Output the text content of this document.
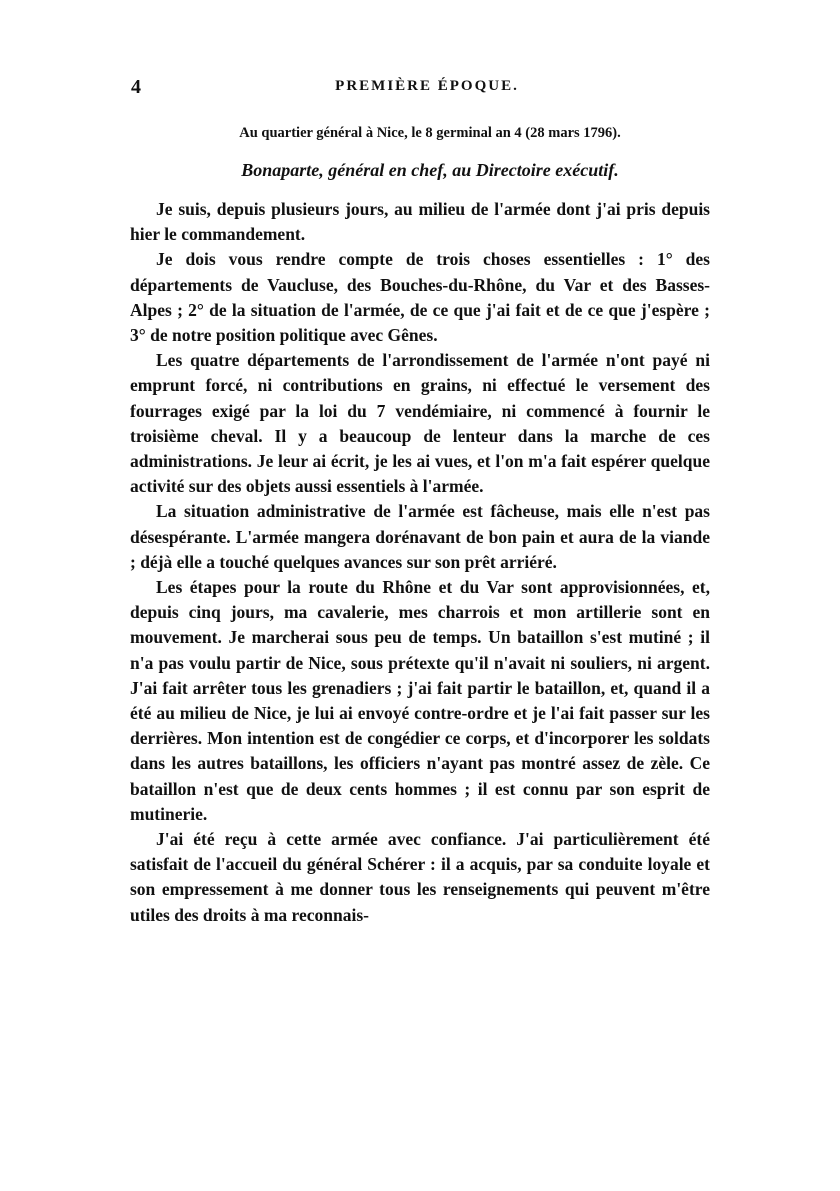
4	PREMIÈRE ÉPOQUE.
Au quartier général à Nice, le 8 germinal an 4 (28 mars 1796).
Bonaparte, général en chef, au Directoire exécutif.

Je suis, depuis plusieurs jours, au milieu de l'armée dont j'ai pris depuis hier le commandement.

Je dois vous rendre compte de trois choses essentielles : 1° des départements de Vaucluse, des Bouches-du-Rhône, du Var et des Basses-Alpes ; 2° de la situation de l'armée, de ce que j'ai fait et de ce que j'espère ; 3° de notre position politique avec Gênes.

Les quatre départements de l'arrondissement de l'armée n'ont payé ni emprunt forcé, ni contributions en grains, ni effectué le versement des fourrages exigé par la loi du 7 vendémiaire, ni commencé à fournir le troisième cheval. Il y a beaucoup de lenteur dans la marche de ces administrations. Je leur ai écrit, je les ai vues, et l'on m'a fait espérer quelque activité sur des objets aussi essentiels à l'armée.

La situation administrative de l'armée est fâcheuse, mais elle n'est pas désespérante. L'armée mangera dorénavant de bon pain et aura de la viande ; déjà elle a touché quelques avances sur son prêt arriéré.

Les étapes pour la route du Rhône et du Var sont approvisionnées, et, depuis cinq jours, ma cavalerie, mes charrois et mon artillerie sont en mouvement. Je marcherai sous peu de temps. Un bataillon s'est mutiné ; il n'a pas voulu partir de Nice, sous prétexte qu'il n'avait ni souliers, ni argent. J'ai fait arrêter tous les grenadiers ; j'ai fait partir le bataillon, et, quand il a été au milieu de Nice, je lui ai envoyé contre-ordre et je l'ai fait passer sur les derrières. Mon intention est de congédier ce corps, et d'incorporer les soldats dans les autres bataillons, les officiers n'ayant pas montré assez de zèle. Ce bataillon n'est que de deux cents hommes ; il est connu par son esprit de mutinerie.

J'ai été reçu à cette armée avec confiance. J'ai particulièrement été satisfait de l'accueil du général Schérer : il a acquis, par sa conduite loyale et son empressement à me donner tous les renseignements qui peuvent m'être utiles des droits à ma reconnais-
